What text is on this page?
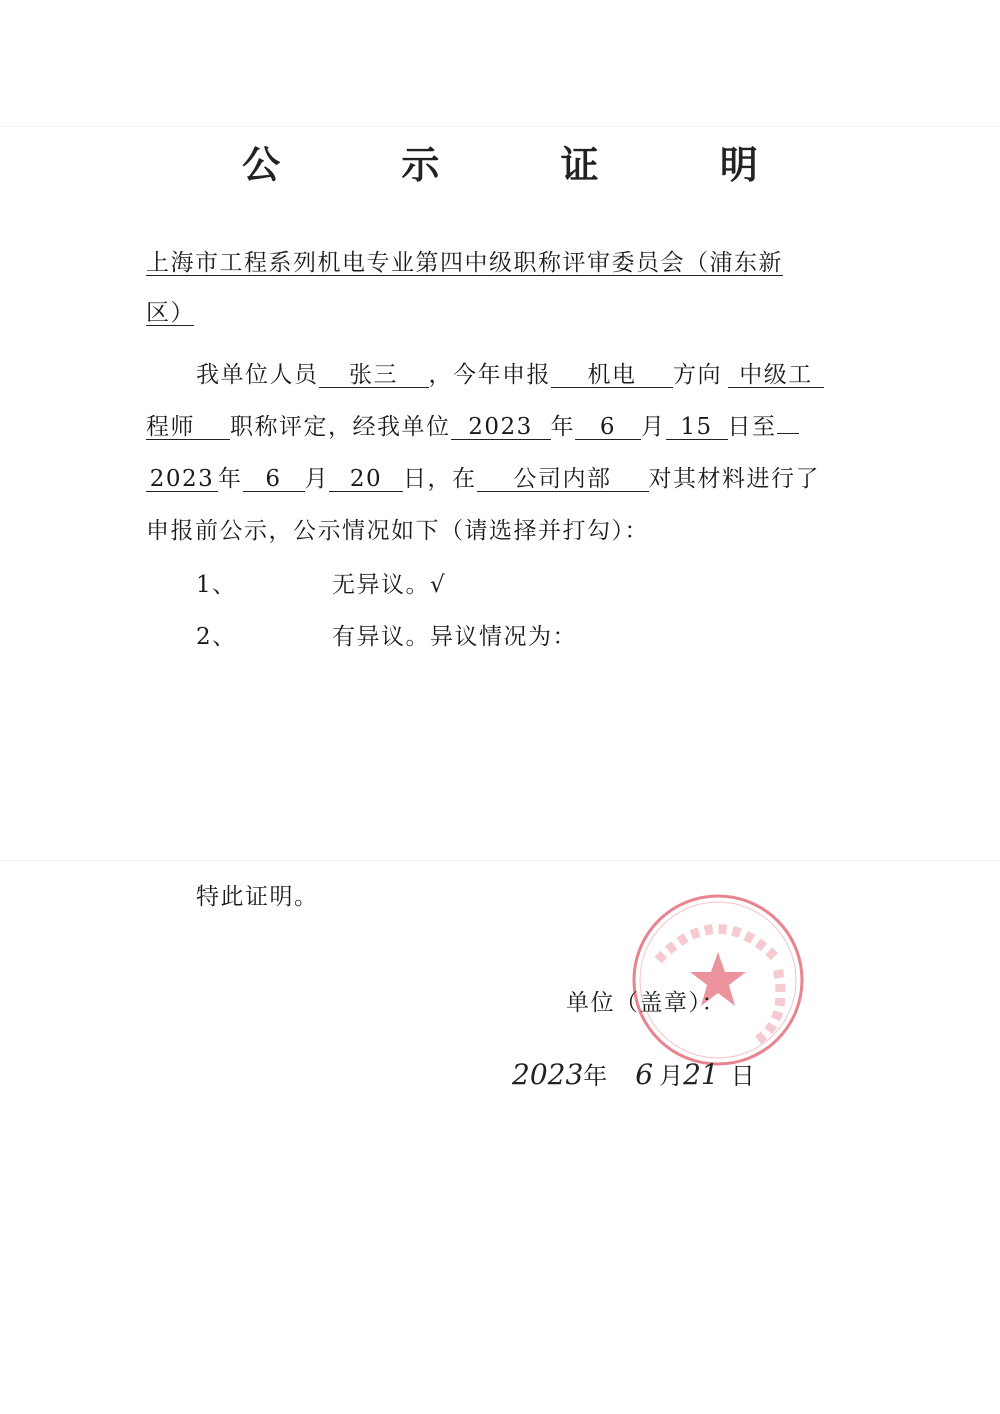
公 示 证 明
上海市工程系列机电专业第四中级职称评审委员会（浦东新
区）
我单位人员 张三 ，今年申报 机电 方向 中级工
程师 职称评定，经我单位 2023 年 6 月 15 日至
2023 年 6 月 20 日，在 公司内部 对其材料进行了
申报前公示，公示情况如下（请选择并打勾）：
1、	无异议。√
2、	有异议。异议情况为：
特此证明。
单位（盖章）：
2023年 6 月21 日
